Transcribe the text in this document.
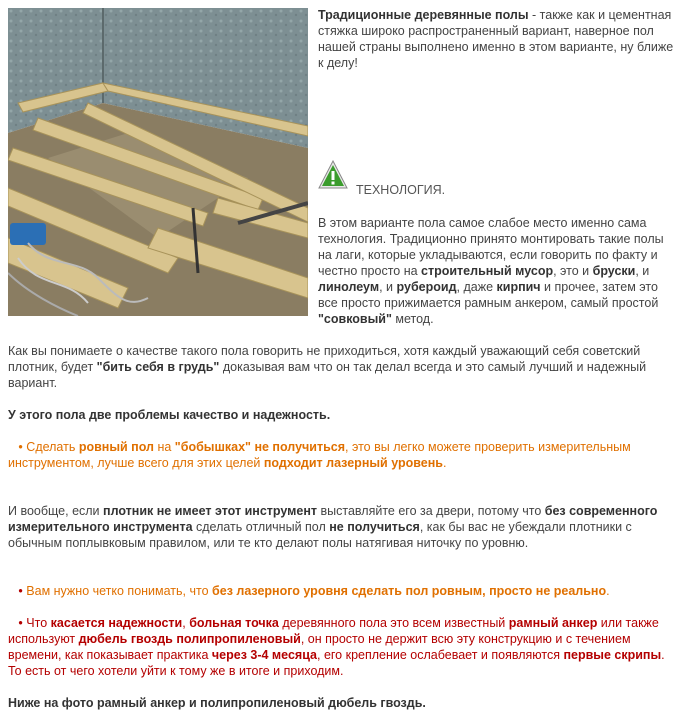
Традиционные деревянные полы - также как и цементная стяжка широко распространенный вариант, наверное пол нашей страны выполнено именно в этом варианте, ну ближе к делу!

ТЕХНОЛОГИЯ.
В этом варианте пола самое слабое место именно сама технология. Традиционно принято монтировать такие полы на лаги, которые укладываются, если говорить по факту и честно просто на строительный мусор, это и бруски, и линолеум, и рубероид, даже кирпич и прочее, затем это все просто прижимается рамным анкером, самый простой "совковый" метод.
Как вы понимаете о качестве такого пола говорить не приходиться, хотя каждый уважающий себя советский плотник, будет "бить себя в грудь" доказывая вам что он так делал всегда и это самый лучший и надежный вариант.
У этого пола две проблемы качество и надежность.
• Сделать ровный пол на "бобышках" не получиться, это вы легко можете проверить измерительным инструментом, лучше всего для этих целей подходит лазерный уровень.
И вообще, если плотник не имеет этот инструмент выставляйте его за двери, потому что без современного измерительного инструмента сделать отличный пол не получиться, как бы вас не убеждали плотники с обычным поплывковым правилом, или те кто делают полы натягивая ниточку по уровню.
• Вам нужно четко понимать, что без лазерного уровня сделать пол ровным, просто не реально.
• Что касается надежности, больная точка деревянного пола это всем известный рамный анкер или также используют дюбель гвоздь полипропиленовый, он просто не держит всю эту конструкцию и с течением времени, как показывает практика через 3-4 месяца, его крепление ослабевает и появляются первые скрипы. То есть от чего хотели уйти к тому же в итоге и приходим.
Ниже на фото рамный анкер и полипропиленовый дюбель гвоздь.
